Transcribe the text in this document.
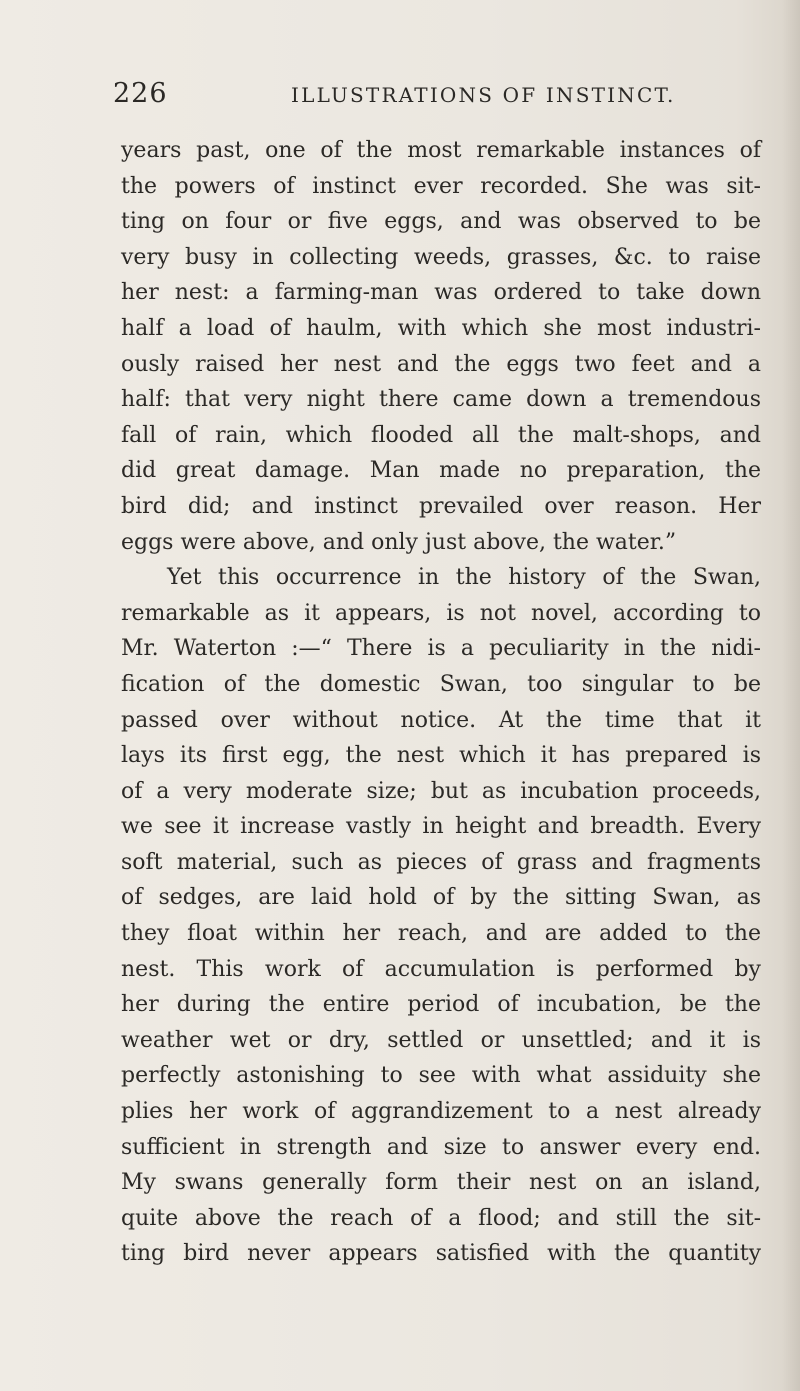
226	ILLUSTRATIONS OF INSTINCT.
years past, one of the most remarkable instances of
the powers of instinct ever recorded. She was sit-
ting on four or five eggs, and was observed to be
very busy in collecting weeds, grasses, &c. to raise
her nest: a farming-man was ordered to take down
half a load of haulm, with which she most industri-
ously raised her nest and the eggs two feet and a
half: that very night there came down a tremendous
fall of rain, which flooded all the malt-shops, and
did great damage. Man made no preparation, the
bird did; and instinct prevailed over reason. Her
eggs were above, and only just above, the water.”
Yet this occurrence in the history of the Swan,
remarkable as it appears, is not novel, according to
Mr. Waterton :—“ There is a peculiarity in the nidi-
fication of the domestic Swan, too singular to be
passed over without notice. At the time that it
lays its first egg, the nest which it has prepared is
of a very moderate size; but as incubation proceeds,
we see it increase vastly in height and breadth. Every
soft material, such as pieces of grass and fragments
of sedges, are laid hold of by the sitting Swan, as
they float within her reach, and are added to the
nest. This work of accumulation is performed by
her during the entire period of incubation, be the
weather wet or dry, settled or unsettled; and it is
perfectly astonishing to see with what assiduity she
plies her work of aggrandizement to a nest already
sufficient in strength and size to answer every end.
My swans generally form their nest on an island,
quite above the reach of a flood; and still the sit-
ting bird never appears satisfied with the quantity
